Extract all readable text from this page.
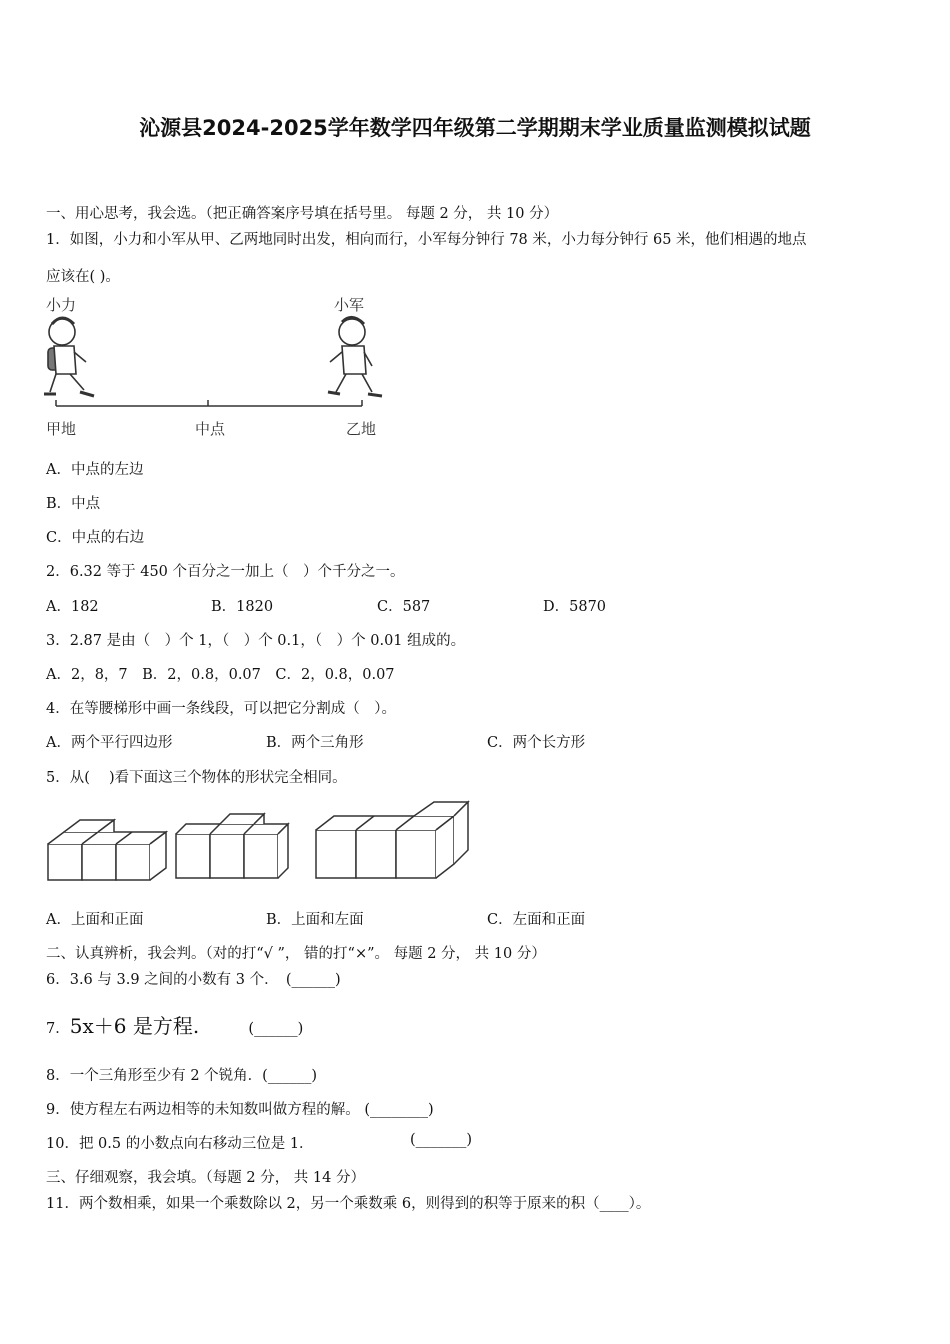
沁源县2024-2025学年数学四年级第二学期期末学业质量监测模拟试题
一、用心思考，我会选。（把正确答案序号填在括号里。 每题 2 分， 共 10 分）
1．如图，小力和小军从甲、乙两地同时出发，相向而行，小军每分钟行 78 米，小力每分钟行 65 米，他们相遇的地点
应该在( )。
小力	小军
甲地	中点	乙地
A．中点的左边
B．中点
C．中点的右边
2．6.32 等于 450 个百分之一加上（　）个千分之一。
A．182	B．1820	C．587	D．5870
3．2.87 是由（　）个 1，（　）个 0.1，（　）个 0.01 组成的。
A．2，8，7　B．2，0.8，0.07　C．2，0.8，0.07
4．在等腰梯形中画一条线段，可以把它分割成（　）。
A．两个平行四边形	B．两个三角形	C．两个长方形
5．从(　 )看下面这三个物体的形状完全相同。
A．上面和正面	B．上面和左面	C．左面和正面
二、认真辨析，我会判。（对的打“√ ”， 错的打“×”。 每题 2 分， 共 10 分）
6．3.6 与 3.9 之间的小数有 3 个．　(______)
7．5x＋6 是方程.	(______)
8．一个三角形至少有 2 个锐角．(______)
9．使方程左右两边相等的未知数叫做方程的解。 (________)
10．把 0.5 的小数点向右移动三位是 1．	(_______)
三、仔细观察，我会填。（每题 2 分， 共 14 分）
11．两个数相乘，如果一个乘数除以 2，另一个乘数乘 6，则得到的积等于原来的积（____）。
